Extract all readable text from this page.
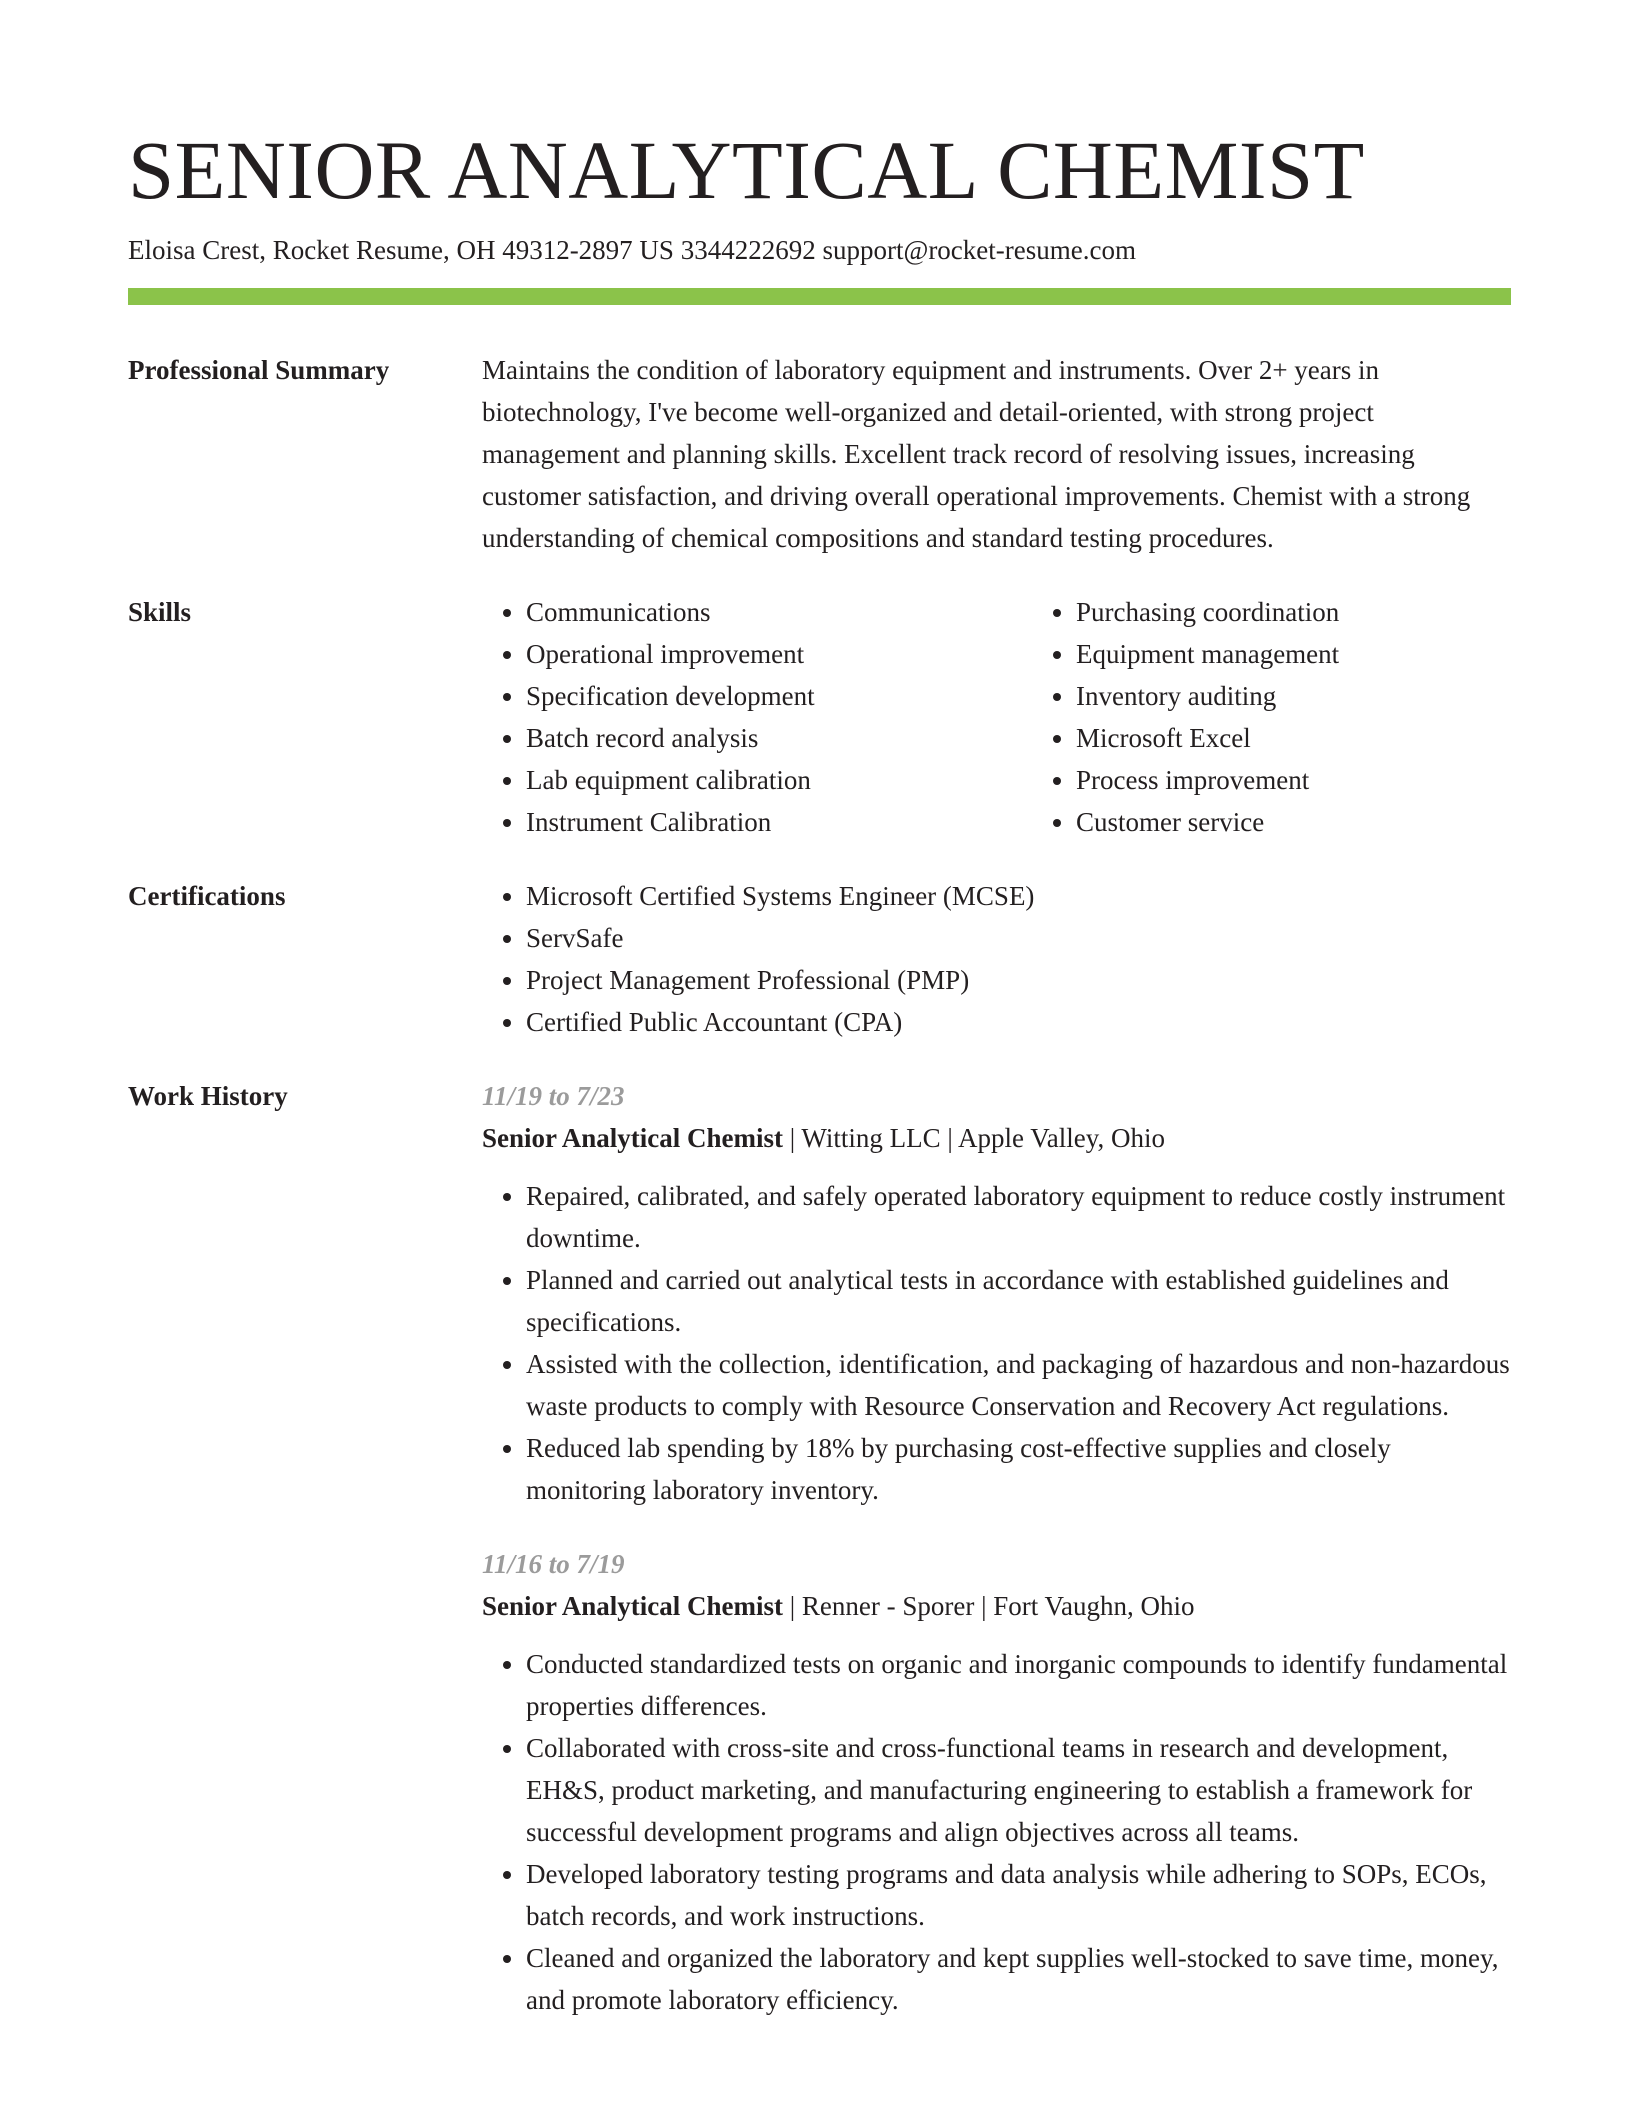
SENIOR ANALYTICAL CHEMIST
Eloisa Crest, Rocket Resume, OH 49312-2897 US 3344222692 support@rocket-resume.com
Professional Summary	Maintains the condition of laboratory equipment and instruments. Over 2+ years in biotechnology, I've become well-organized and detail-oriented, with strong project management and planning skills. Excellent track record of resolving issues, increasing customer satisfaction, and driving overall operational improvements. Chemist with a strong understanding of chemical compositions and standard testing procedures.
Skills	• Communications
• Operational improvement
• Specification development
• Batch record analysis
• Lab equipment calibration
• Instrument Calibration
• Purchasing coordination
• Equipment management
• Inventory auditing
• Microsoft Excel
• Process improvement
• Customer service
Certifications	• Microsoft Certified Systems Engineer (MCSE)
• ServSafe
• Project Management Professional (PMP)
• Certified Public Accountant (CPA)
Work History	11/19 to 7/23
Senior Analytical Chemist | Witting LLC | Apple Valley, Ohio
• Repaired, calibrated, and safely operated laboratory equipment to reduce costly instrument downtime.
• Planned and carried out analytical tests in accordance with established guidelines and specifications.
• Assisted with the collection, identification, and packaging of hazardous and non-hazardous waste products to comply with Resource Conservation and Recovery Act regulations.
• Reduced lab spending by 18% by purchasing cost-effective supplies and closely monitoring laboratory inventory.
11/16 to 7/19
Senior Analytical Chemist | Renner - Sporer | Fort Vaughn, Ohio
• Conducted standardized tests on organic and inorganic compounds to identify fundamental properties differences.
• Collaborated with cross-site and cross-functional teams in research and development, EH&S, product marketing, and manufacturing engineering to establish a framework for successful development programs and align objectives across all teams.
• Developed laboratory testing programs and data analysis while adhering to SOPs, ECOs, batch records, and work instructions.
• Cleaned and organized the laboratory and kept supplies well-stocked to save time, money, and promote laboratory efficiency.
